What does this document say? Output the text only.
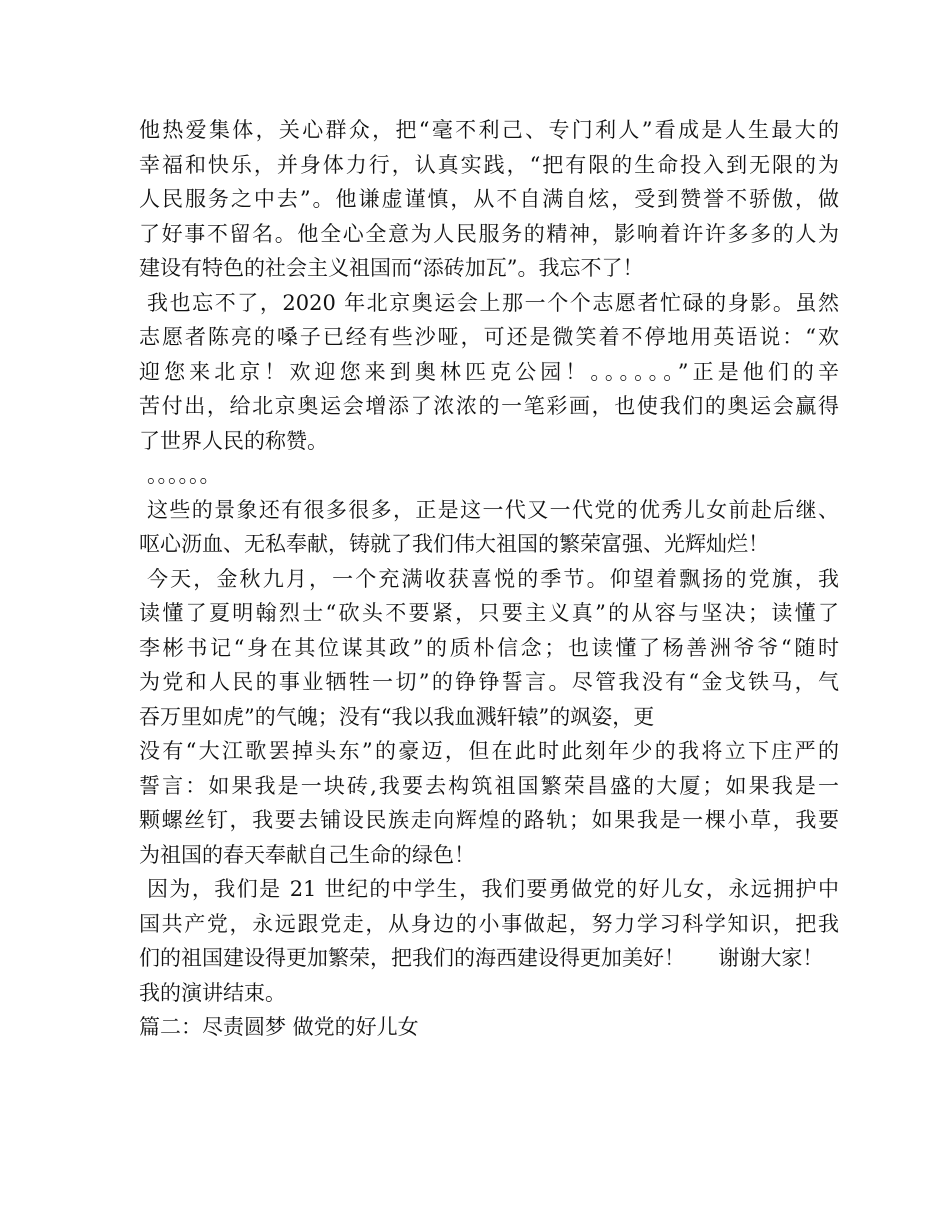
他热爱集体，关心群众，把“毫不利己、专门利人”看成是人生最大的
幸福和快乐，并身体力行，认真实践，“把有限的生命投入到无限的为
人民服务之中去”。他谦虚谨慎，从不自满自炫，受到赞誉不骄傲，做
了好事不留名。他全心全意为人民服务的精神，影响着许许多多的人为
建设有特色的社会主义祖国而“添砖加瓦”。我忘不了！
我也忘不了，2020 年北京奥运会上那一个个志愿者忙碌的身影。虽然
志愿者陈亮的嗓子已经有些沙哑，可还是微笑着不停地用英语说：“欢
迎您来北京！欢迎您来到奥林匹克公园！。。。。。。”正是他们的辛
苦付出，给北京奥运会增添了浓浓的一笔彩画，也使我们的奥运会赢得
了世界人民的称赞。
。。。。。。
这些的景象还有很多很多，正是这一代又一代党的优秀儿女前赴后继、
呕心沥血、无私奉献，铸就了我们伟大祖国的繁荣富强、光辉灿烂！
今天，金秋九月，一个充满收获喜悦的季节。仰望着飘扬的党旗，我
读懂了夏明翰烈士“砍头不要紧，只要主义真”的从容与坚决；读懂了
李彬书记“身在其位谋其政”的质朴信念；也读懂了杨善洲爷爷“随时
为党和人民的事业牺牲一切”的铮铮誓言。尽管我没有“金戈铁马，气
吞万里如虎”的气魄；没有“我以我血溅轩辕”的飒姿，更
没有“大江歌罢掉头东”的豪迈，但在此时此刻年少的我将立下庄严的
誓言：如果我是一块砖,我要去构筑祖国繁荣昌盛的大厦；如果我是一
颗螺丝钉，我要去铺设民族走向辉煌的路轨；如果我是一棵小草，我要
为祖国的春天奉献自己生命的绿色！
因为，我们是 21 世纪的中学生，我们要勇做党的好儿女，永远拥护中
国共产党，永远跟党走，从身边的小事做起，努力学习科学知识，把我
们的祖国建设得更加繁荣，把我们的海西建设得更加美好！     谢谢大家！
我的演讲结束。
篇二：尽责圆梦 做党的好儿女
